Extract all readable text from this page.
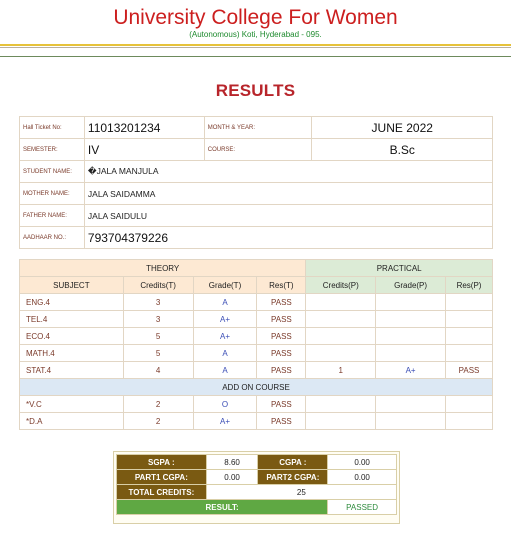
University College For Women
(Autonomous) Koti, Hyderabad - 095.
RESULTS
Hall Ticket No:	11013201234	MONTH & YEAR:	JUNE 2022
SEMESTER:	IV	COURSE:	B.Sc
STUDENT NAME:	�JALA MANJULA		
MOTHER NAME:	JALA SAIDAMMA		
FATHER NAME:	JALA SAIDULU		
AADHAAR NO.:	793704379226		
THEORY				PRACTICAL		
SUBJECT	Credits(T)	Grade(T)	Res(T)	Credits(P)	Grade(P)	Res(P)
ENG.4	3	A	PASS			
TEL.4	3	A+	PASS			
ECO.4	5	A+	PASS			
MATH.4	5	A	PASS			
STAT.4	4	A	PASS	1	A+	PASS
ADD ON COURSE						
*V.C	2	O	PASS			
*D.A	2	A+	PASS			
SGPA :	8.60	CGPA :	0.00
PART1 CGPA:	0.00	PART2 CGPA:	0.00
TOTAL CREDITS:	25		
RESULT:			PASSED
